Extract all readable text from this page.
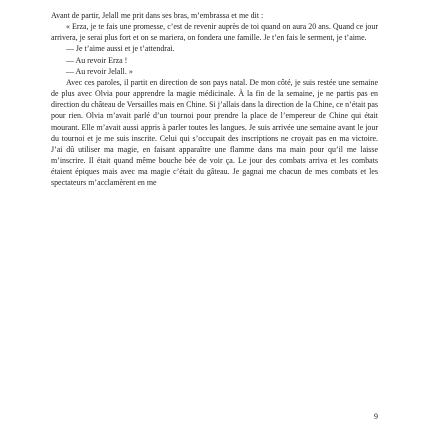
Avant de partir, Jelall me prit dans ses bras, m’embrassa et me dit :

« Erza, je te fais une promesse, c’est de revenir auprès de toi quand on aura 20 ans. Quand ce jour arrivera, je serai plus fort et on se mariera, on fondera une famille. Je t’en fais le serment, je t’aime.

— Je t’aime aussi et je t’attendrai.

— Au revoir Erza !

— Au revoir Jelall. »

Avec ces paroles, il partit en direction de son pays natal. De mon côté, je suis restée une semaine de plus avec Olvia pour apprendre la magie médicinale. À la fin de la semaine, je ne partis pas en direction du château de Versailles mais en Chine. Si j’allais dans la direction de la Chine, ce n’était pas pour rien. Olvia m’avait parlé d’un tournoi pour prendre la place de l’empereur de Chine qui était mourant. Elle m’avait aussi appris à parler toutes les langues. Je suis arrivée une semaine avant le jour du tournoi et je me suis inscrite. Celui qui s’occupait des inscriptions ne croyait pas en ma victoire. J’ai dû utiliser ma magie, en faisant apparaître une flamme dans ma main pour qu’il me laisse m’inscrire. Il était quand même bouche bée de voir ça. Le jour des combats arriva et les combats étaient épiques mais avec ma magie c’était du gâteau. Je gagnai me chacun de mes combats et les spectateurs m’acclamèrent en me

9
